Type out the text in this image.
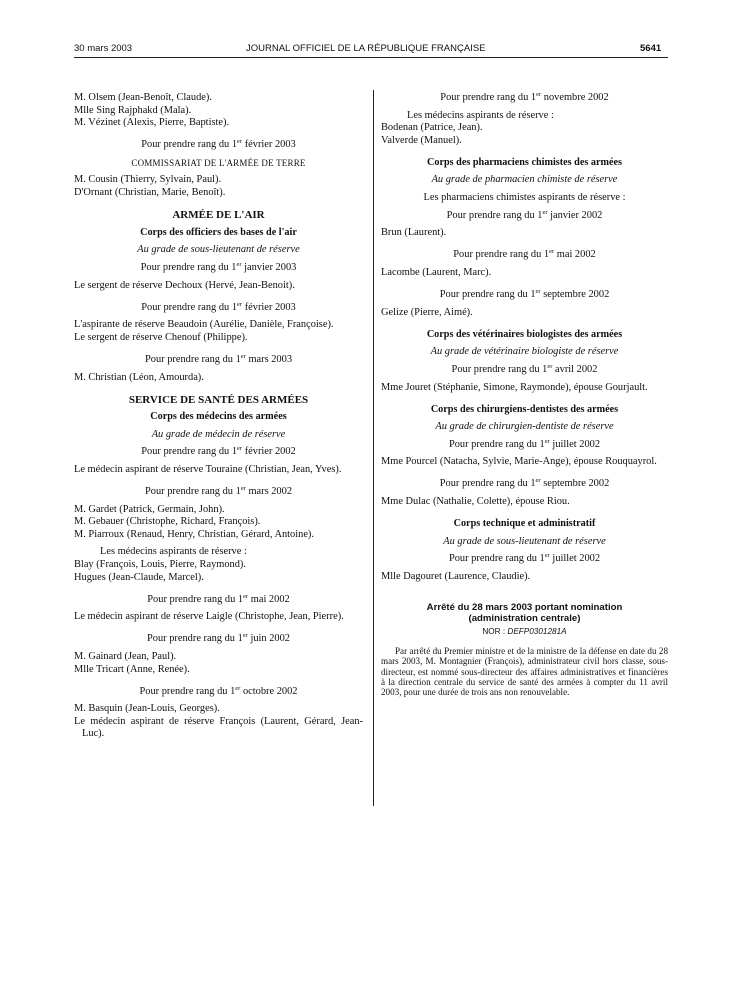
30 mars 2003	JOURNAL OFFICIEL DE LA RÉPUBLIQUE FRANÇAISE	5641

M. Olsem (Jean-Benoît, Claude).

Mlle Sing Rajphakd (Mala).

M. Vézinet (Alexis, Pierre, Baptiste).

Pour prendre rang du 1er février 2003

COMMISSARIAT DE L'ARMÉE DE TERRE

M. Cousin (Thierry, Sylvain, Paul).

D'Ornant (Christian, Marie, Benoît).

ARMÉE DE L'AIR

Corps des officiers des bases de l'air

Au grade de sous-lieutenant de réserve

Pour prendre rang du 1er janvier 2003

Le sergent de réserve Dechoux (Hervé, Jean-Benoit).

Pour prendre rang du 1er février 2003

L'aspirante de réserve Beaudoin (Aurélie, Danièle, Françoise).

Le sergent de réserve Chenouf (Philippe).

Pour prendre rang du 1er mars 2003

M. Christian (Léon, Amourda).

SERVICE DE SANTÉ DES ARMÉES

Corps des médecins des armées

Au grade de médecin de réserve

Pour prendre rang du 1er février 2002

Le médecin aspirant de réserve Touraine (Christian, Jean, Yves).

Pour prendre rang du 1er mars 2002

M. Gardet (Patrick, Germain, John).

M. Gebauer (Christophe, Richard, François).

M. Piarroux (Renaud, Henry, Christian, Gérard, Antoine).

Les médecins aspirants de réserve :

Blay (François, Louis, Pierre, Raymond).

Hugues (Jean-Claude, Marcel).

Pour prendre rang du 1er mai 2002

Le médecin aspirant de réserve Laigle (Christophe, Jean, Pierre).

Pour prendre rang du 1er juin 2002

M. Gainard (Jean, Paul).

Mlle Tricart (Anne, Renée).

Pour prendre rang du 1er octobre 2002

M. Basquin (Jean-Louis, Georges).

Le médecin aspirant de réserve François (Laurent, Gérard, Jean-Luc).

Pour prendre rang du 1er novembre 2002

Les médecins aspirants de réserve :

Bodenan (Patrice, Jean).

Valverde (Manuel).

Corps des pharmaciens chimistes des armées

Au grade de pharmacien chimiste de réserve

Les pharmaciens chimistes aspirants de réserve :

Pour prendre rang du 1er janvier 2002

Brun (Laurent).

Pour prendre rang du 1er mai 2002

Lacombe (Laurent, Marc).

Pour prendre rang du 1er septembre 2002

Gelize (Pierre, Aimé).

Corps des vétérinaires biologistes des armées

Au grade de vétérinaire biologiste de réserve

Pour prendre rang du 1er avril 2002

Mme Jouret (Stéphanie, Simone, Raymonde), épouse Gourjault.

Corps des chirurgiens-dentistes des armées

Au grade de chirurgien-dentiste de réserve

Pour prendre rang du 1er juillet 2002

Mme Pourcel (Natacha, Sylvie, Marie-Ange), épouse Rouquayrol.

Pour prendre rang du 1er septembre 2002

Mme Dulac (Nathalie, Colette), épouse Riou.

Corps technique et administratif

Au grade de sous-lieutenant de réserve

Pour prendre rang du 1er juillet 2002

Mlle Dagouret (Laurence, Claudie).

Arrêté du 28 mars 2003 portant nomination (administration centrale)

NOR : DEFP0301281A

Par arrêté du Premier ministre et de la ministre de la défense en date du 28 mars 2003, M. Montagnier (François), administrateur civil hors classe, sous-directeur, est nommé sous-directeur des affaires administratives et financières à la direction centrale du service de santé des armées à compter du 11 avril 2003, pour une durée de trois ans non renouvelable.
